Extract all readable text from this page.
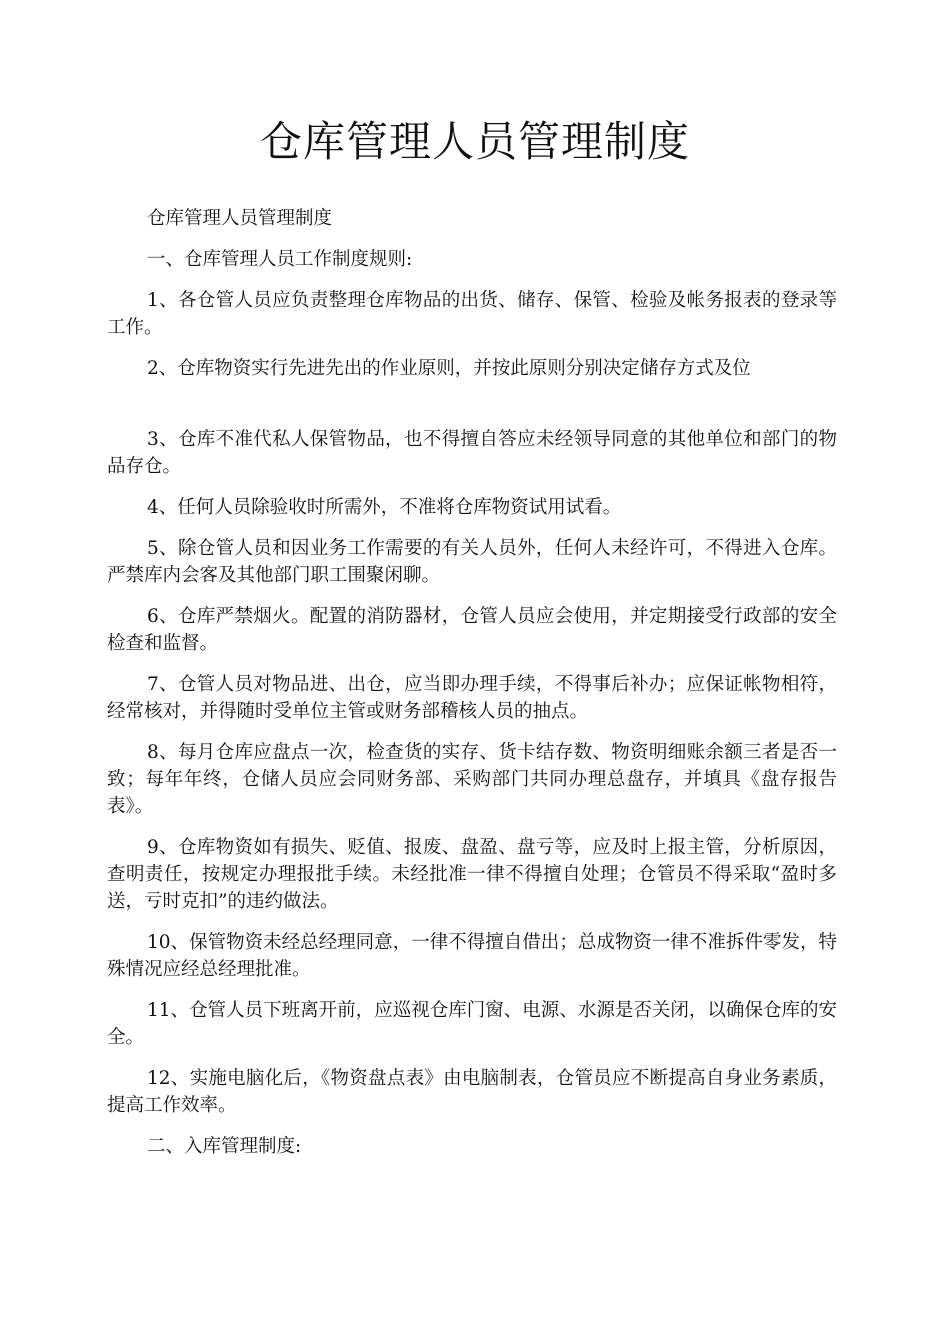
仓库管理人员管理制度

仓库管理人员管理制度

一、仓库管理人员工作制度规则:

1、各仓管人员应负责整理仓库物品的出货、储存、保管、检验及帐务报表的登录等工作。

2、仓库物资实行先进先出的作业原则，并按此原则分别决定储存方式及位

3、仓库不准代私人保管物品，也不得擅自答应未经领导同意的其他单位和部门的物品存仓。

4、任何人员除验收时所需外，不准将仓库物资试用试看。

5、除仓管人员和因业务工作需要的有关人员外，任何人未经许可，不得进入仓库。严禁库内会客及其他部门职工围聚闲聊。

6、仓库严禁烟火。配置的消防器材，仓管人员应会使用，并定期接受行政部的安全检查和监督。

7、仓管人员对物品进、出仓，应当即办理手续，不得事后补办；应保证帐物相符，经常核对，并得随时受单位主管或财务部稽核人员的抽点。

8、每月仓库应盘点一次，检查货的实存、货卡结存数、物资明细账余额三者是否一致；每年年终，仓储人员应会同财务部、采购部门共同办理总盘存，并填具《盘存报告表》。

9、仓库物资如有损失、贬值、报废、盘盈、盘亏等，应及时上报主管，分析原因，查明责任，按规定办理报批手续。未经批准一律不得擅自处理；仓管员不得采取“盈时多送，亏时克扣”的违约做法。

10、保管物资未经总经理同意，一律不得擅自借出；总成物资一律不准拆件零发，特殊情况应经总经理批准。

11、仓管人员下班离开前，应巡视仓库门窗、电源、水源是否关闭，以确保仓库的安全。

12、实施电脑化后，《物资盘点表》由电脑制表，仓管员应不断提高自身业务素质，提高工作效率。

二、入库管理制度:
